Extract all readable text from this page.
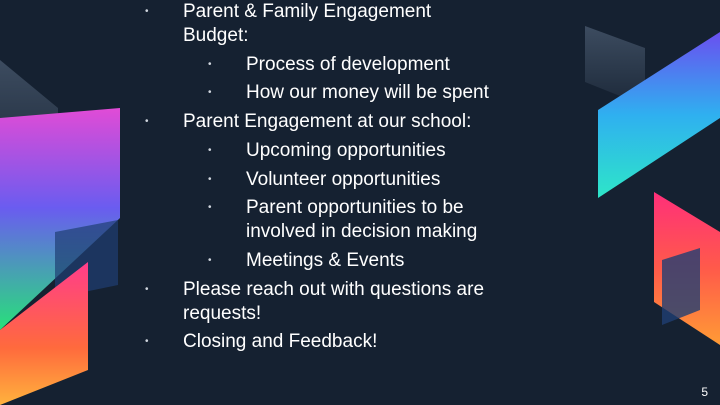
• Parent & Family Engagement
Budget:
• Process of development
• How our money will be spent
• Parent Engagement at our school:
• Upcoming opportunities
• Volunteer opportunities
• Parent opportunities to be
involved in decision making
• Meetings & Events
• Please reach out with questions are
requests!
• Closing and Feedback!
5
